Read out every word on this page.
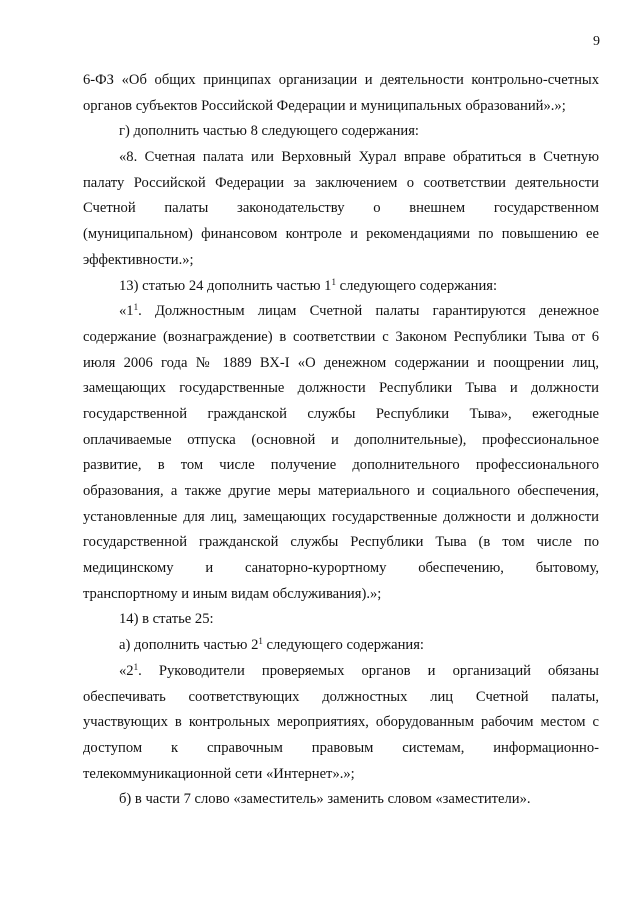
9
6-ФЗ «Об общих принципах организации и деятельности контрольно-счетных
органов субъектов Российской Федерации и муниципальных образований».»;
г) дополнить частью 8 следующего содержания:
«8. Счетная палата или Верховный Хурал вправе обратиться в Счетную
палату Российской Федерации за заключением о соответствии деятельности
Счетной палаты законодательству о внешнем государственном
(муниципальном) финансовом контроле и рекомендациями по повышению ее
эффективности.»;
13) статью 24 дополнить частью $1^1$ следующего содержания:
«$1^1$. Должностным лицам Счетной палаты гарантируются денежное
содержание (вознаграждение) в соответствии с Законом Республики Тыва от 6
июля 2006 года № 1889 ВХ-I «О денежном содержании и поощрении лиц,
замещающих государственные должности Республики Тыва и должности
государственной гражданской службы Республики Тыва», ежегодные
оплачиваемые отпуска (основной и дополнительные), профессиональное
развитие, в том числе получение дополнительного профессионального
образования, а также другие меры материального и социального обеспечения,
установленные для лиц, замещающих государственные должности и должности
государственной гражданской службы Республики Тыва (в том числе по
медицинскому и санаторно-курортному обеспечению, бытовому,
транспортному и иным видам обслуживания).»;
14) в статье 25:
а) дополнить частью $2^1$ следующего содержания:
«$2^1$. Руководители проверяемых органов и организаций обязаны
обеспечивать соответствующих должностных лиц Счетной палаты,
участвующих в контрольных мероприятиях, оборудованным рабочим местом с
доступом к справочным правовым системам, информационно-
телекоммуникационной сети «Интернет».»;
б) в части 7 слово «заместитель» заменить словом «заместители».
